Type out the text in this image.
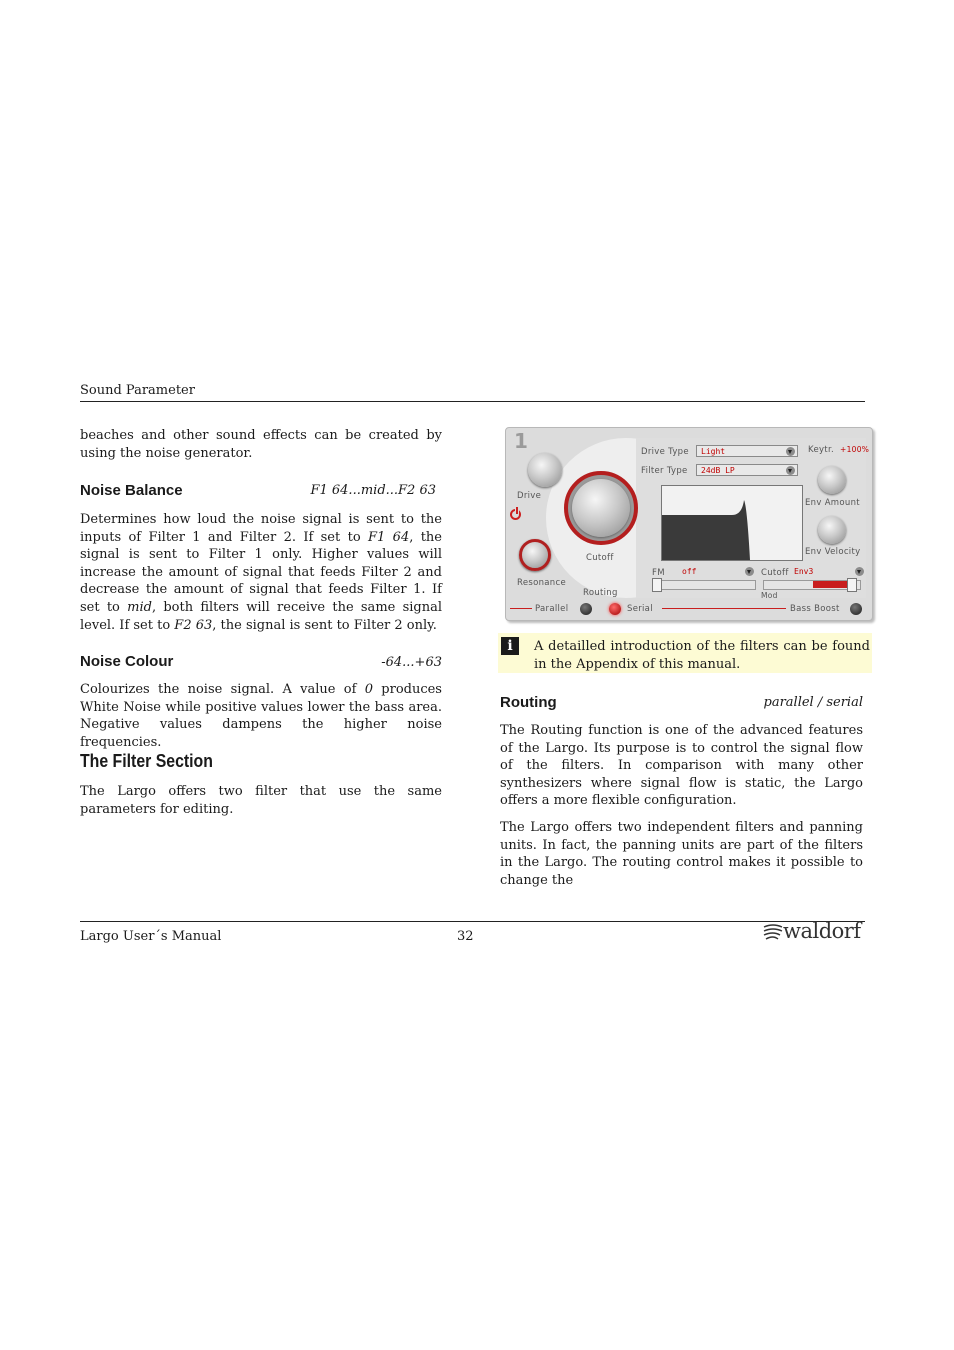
Sound Parameter

beaches and other sound effects can be created by using the noise generator.

Noise Balance	F1 64...mid...F2 63

Determines how loud the noise signal is sent to the inputs of Filter 1 and Filter 2. If set to F1 64, the signal is sent to Filter 1 only. Higher values will increase the amount of signal that feeds Filter 2 and decrease the amount of signal that feeds Filter 1. If set to mid, both filters will receive the same signal level. If set to F2 63, the signal is sent to Filter 2 only.

Noise Colour	-64...+63

Colourizes the noise signal. A value of 0 produces White Noise while positive values lower the bass area. Negative values dampens the higher noise frequencies.

The Filter Section

The Largo offers two filter that use the same parameters for editing.

1
Drive
Resonance
Cutoff
Routing
Drive Type	Light
Filter Type	24dB LP
Keytr. +100%
Env Amount
Env Velocity
FM	off	Cutoff Env3
Mod
Parallel	Serial	Bass Boost
i	A detailled introduction of the filters can be found in the Appendix of this manual.

Routing	parallel / serial

The Routing function is one of the advanced features of the Largo. Its purpose is to control the signal flow of the filters. In comparison with many other synthesizers where signal flow is static, the Largo offers a more flexible configuration.

The Largo offers two independent filters and panning units. In fact, the panning units are part of the filters in the Largo. The routing control makes it possible to change the

Largo User´s Manual	32	waldorf
